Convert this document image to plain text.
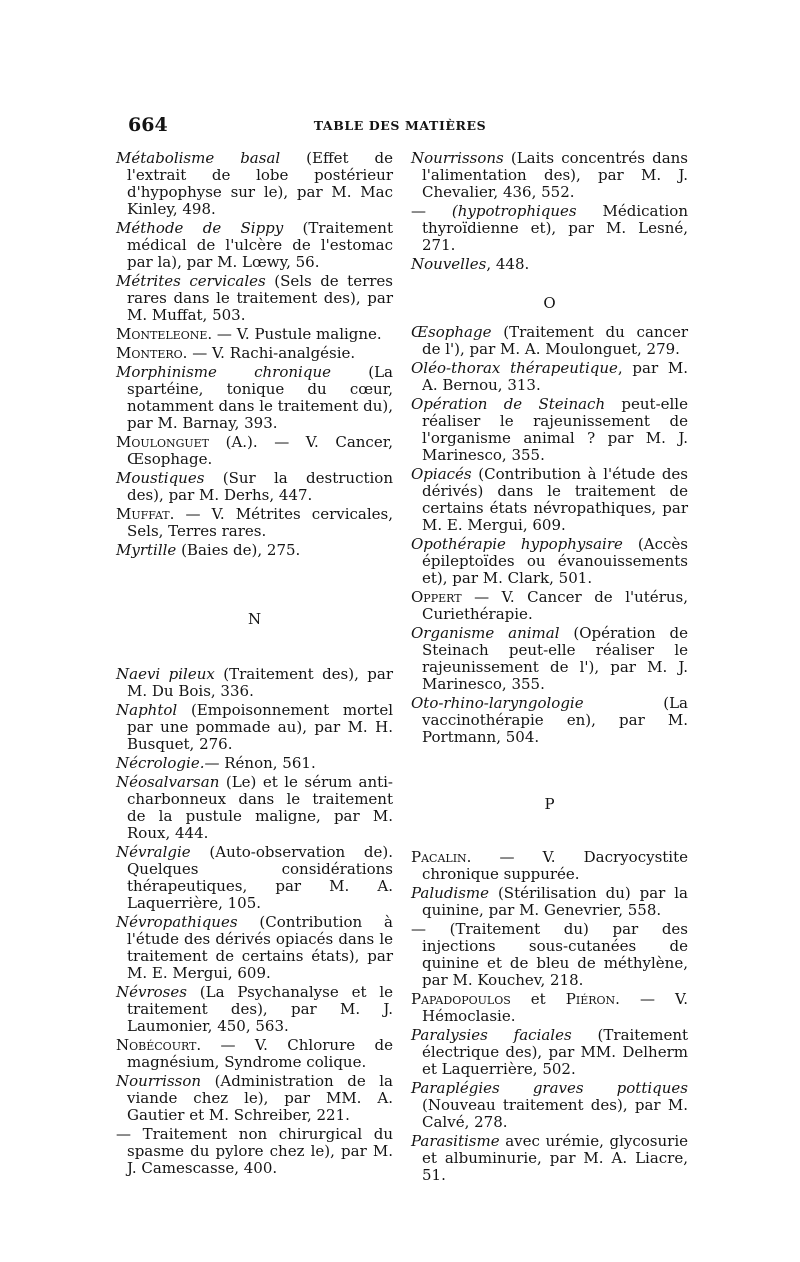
664	TABLE DES MATIÈRES
Métabolisme basal (Effet de l'extrait de lobe postérieur d'hypophyse sur le), par M. Mac Kinley, 498.
Méthode de Sippy (Traitement médical de l'ulcère de l'estomac par la), par M. Lœwy, 56.
Métrites cervicales (Sels de terres rares dans le traitement des), par M. Muffat, 503.
Monteleone. — V. Pustule maligne.
Montero. — V. Rachi-analgésie.
Morphinisme chronique (La spartéine, tonique du cœur, notamment dans le traitement du), par M. Barnay, 393.
Moulonguet (A.). — V. Cancer, Œsophage.
Moustiques (Sur la destruction des), par M. Derhs, 447.
Muffat. — V. Métrites cervicales, Sels, Terres rares.
Myrtille (Baies de), 275.
N
Naevi pileux (Traitement des), par M. Du Bois, 336.
Naphtol (Empoisonnement mortel par une pommade au), par M. H. Busquet, 276.
Nécrologie.— Rénon, 561.
Néosalvarsan (Le) et le sérum anti-charbonneux dans le traitement de la pustule maligne, par M. Roux, 444.
Névralgie (Auto-observation de). Quelques considérations thérapeutiques, par M. A. Laquerrière, 105.
Névropathiques (Contribution à l'étude des dérivés opiacés dans le traitement de certains états), par M. E. Mergui, 609.
Névroses (La Psychanalyse et le traitement des), par M. J. Laumonier, 450, 563.
Nobécourt. — V. Chlorure de magnésium, Syndrome colique.
Nourrisson (Administration de la viande chez le), par MM. A. Gautier et M. Schreiber, 221.
— Traitement non chirurgical du spasme du pylore chez le), par M. J. Camescasse, 400.
Nourrissons (Laits concentrés dans l'alimentation des), par M. J. Chevalier, 436, 552.
— (hypotrophiques Médication thyroïdienne et), par M. Lesné, 271.
Nouvelles, 448.
O
Œsophage (Traitement du cancer de l'), par M. A. Moulonguet, 279.
Oléo-thorax thérapeutique, par M. A. Bernou, 313.
Opération de Steinach peut-elle réaliser le rajeunissement de l'organisme animal ? par M. J. Marinesco, 355.
Opiacés (Contribution à l'étude des dérivés) dans le traitement de certains états névropathiques, par M. E. Mergui, 609.
Opothérapie hypophysaire (Accès épileptoïdes ou évanouissements et), par M. Clark, 501.
Oppert — V. Cancer de l'utérus, Curiethérapie.
Organisme animal (Opération de Steinach peut-elle réaliser le rajeunissement de l'), par M. J. Marinesco, 355.
Oto-rhino-laryngologie (La vaccinothérapie en), par M. Portmann, 504.
P
Pacalin. — V. Dacryocystite chronique suppurée.
Paludisme (Stérilisation du) par la quinine, par M. Genevrier, 558.
— (Traitement du) par des injections sous-cutanées de quinine et de bleu de méthylène, par M. Kouchev, 218.
Papadopoulos et Piéron. — V. Hémoclasie.
Paralysies faciales (Traitement électrique des), par MM. Delherm et Laquerrière, 502.
Paraplégies graves pottiques (Nouveau traitement des), par M. Calvé, 278.
Parasitisme avec urémie, glycosurie et albuminurie, par M. A. Liacre, 51.
